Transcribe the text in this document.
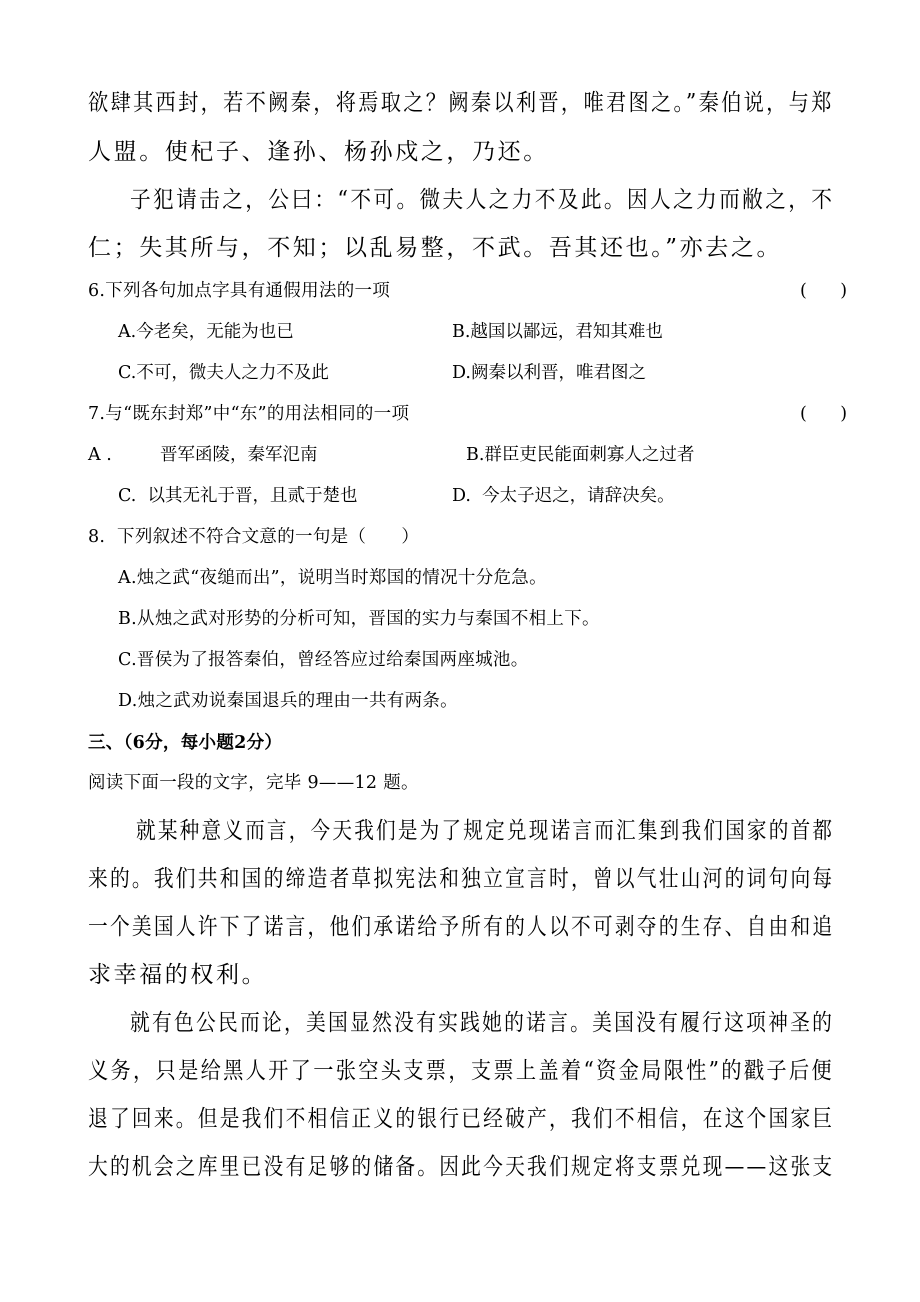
欲肆其西封，若不阙秦，将焉取之？阙秦以利晋，唯君图之。”秦伯说，与郑
人盟。使杞子、逢孙、杨孙戍之，乃还。
子犯请击之，公曰：“不可。微夫人之力不及此。因人之力而敝之，不
仁；失其所与，不知；以乱易整，不武。吾其还也。”亦去之。
6.下列各句加点字具有通假用法的一项	(      )
A.今老矣，无能为也已	B.越国以鄙远，君知其难也
C.不可，微夫人之力不及此	D.阙秦以利晋，唯君图之
7.与“既东封郑”中“东”的用法相同的一项	(      )
A .	晋军函陵，秦军氾南	B.群臣吏民能面刺寡人之过者
C.  以其无礼于晋，且贰于楚也	D.  今太子迟之，请辞决矣。
8.  下列叙述不符合文意的一句是（      ）
A.烛之武“夜缒而出”，说明当时郑国的情况十分危急。
B.从烛之武对形势的分析可知，晋国的实力与秦国不相上下。
C.晋侯为了报答秦伯，曾经答应过给秦国两座城池。
D.烛之武劝说秦国退兵的理由一共有两条。
三、（6分，每小题2分）
阅读下面一段的文字，完毕 9——12 题。
就某种意义而言，今天我们是为了规定兑现诺言而汇集到我们国家的首都
来的。我们共和国的缔造者草拟宪法和独立宣言时，曾以气壮山河的词句向每
一个美国人许下了诺言，他们承诺给予所有的人以不可剥夺的生存、自由和追
求幸福的权利。
就有色公民而论，美国显然没有实践她的诺言。美国没有履行这项神圣的
义务，只是给黑人开了一张空头支票，支票上盖着“资金局限性”的戳子后便
退了回来。但是我们不相信正义的银行已经破产，我们不相信，在这个国家巨
大的机会之库里已没有足够的储备。因此今天我们规定将支票兑现——这张支
